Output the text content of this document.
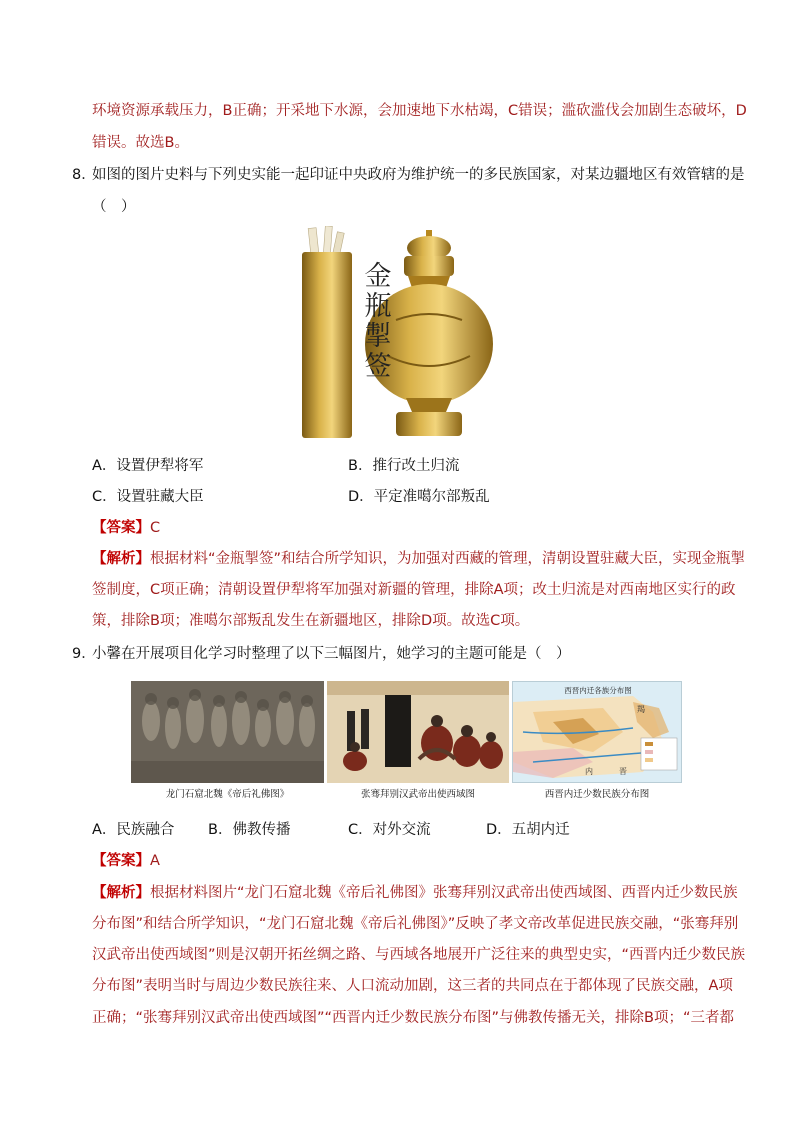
环境资源承载压力，B正确；开采地下水源，会加速地下水枯竭，C错误；滥砍滥伐会加剧生态破坏，D
错误。故选B。
8．
如图的图片史料与下列史实能一起印证中央政府为维护统一的多民族国家，对某边疆地区有效管辖的是
（　）
金瓶掣签
A．设置伊犁将军	B．推行改土归流
C．设置驻藏大臣	D．平定准噶尔部叛乱
【答案】C
【解析】根据材料“金瓶掣签”和结合所学知识，为加强对西藏的管理，清朝设置驻藏大臣，实现金瓶掣
签制度，C项正确；清朝设置伊犁将军加强对新疆的管理，排除A项；改土归流是对西南地区实行的政
策，排除B项；准噶尔部叛乱发生在新疆地区，排除D项。故选C项。
9．
小馨在开展项目化学习时整理了以下三幅图片，她学习的主题可能是（　）
龙门石窟北魏《帝后礼佛图》	张骞拜别汉武帝出使西域图
西晋内迁各族分布图
羯
内	晋
西晋内迁少数民族分布图
A．民族融合 B．佛教传播	C．对外交流	D．五胡内迁
【答案】A
【解析】根据材料图片“龙门石窟北魏《帝后礼佛图》张骞拜别汉武帝出使西域图、西晋内迁少数民族
分布图”和结合所学知识，“龙门石窟北魏《帝后礼佛图》”反映了孝文帝改革促进民族交融，“张骞拜别
汉武帝出使西域图”则是汉朝开拓丝绸之路、与西域各地展开广泛往来的典型史实，“西晋内迁少数民族
分布图”表明当时与周边少数民族往来、人口流动加剧，这三者的共同点在于都体现了民族交融，A项
正确；“张骞拜别汉武帝出使西域图”“西晋内迁少数民族分布图”与佛教传播无关，排除B项；“三者都
